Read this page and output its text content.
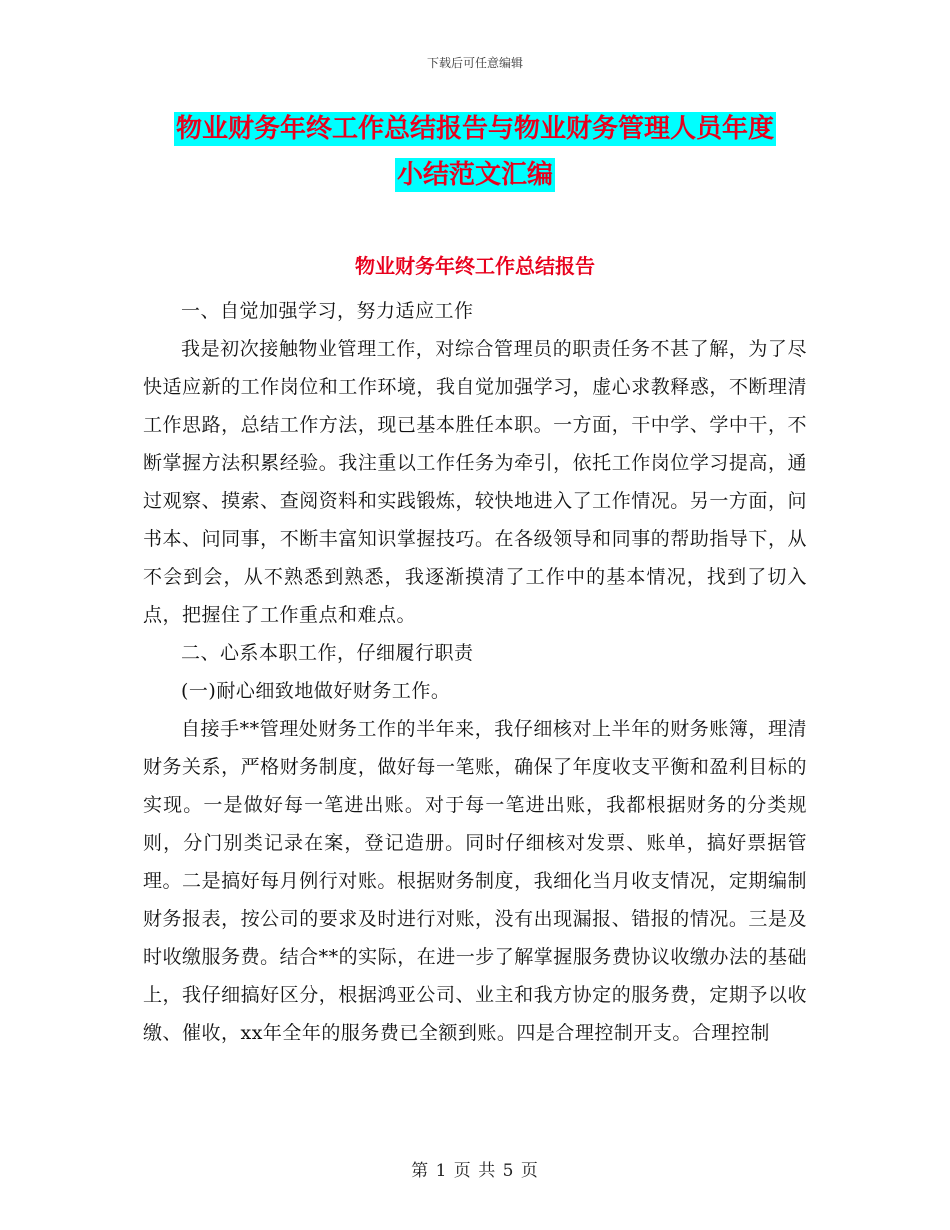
下载后可任意编辑
物业财务年终工作总结报告与物业财务管理人员年度
小结范文汇编
物业财务年终工作总结报告

一、自觉加强学习，努力适应工作

我是初次接触物业管理工作，对综合管理员的职责任务不甚了解，为了尽快适应新的工作岗位和工作环境，我自觉加强学习，虚心求教释惑，不断理清工作思路，总结工作方法，现已基本胜任本职。一方面，干中学、学中干，不断掌握方法积累经验。我注重以工作任务为牵引，依托工作岗位学习提高，通过观察、摸索、查阅资料和实践锻炼，较快地进入了工作情况。另一方面，问书本、问同事，不断丰富知识掌握技巧。在各级领导和同事的帮助指导下，从不会到会，从不熟悉到熟悉，我逐渐摸清了工作中的基本情况，找到了切入点，把握住了工作重点和难点。

二、心系本职工作，仔细履行职责

(一)耐心细致地做好财务工作。

自接手**管理处财务工作的半年来，我仔细核对上半年的财务账簿，理清财务关系，严格财务制度，做好每一笔账，确保了年度收支平衡和盈利目标的实现。一是做好每一笔进出账。对于每一笔进出账，我都根据财务的分类规则，分门别类记录在案，登记造册。同时仔细核对发票、账单，搞好票据管理。二是搞好每月例行对账。根据财务制度，我细化当月收支情况，定期编制财务报表，按公司的要求及时进行对账，没有出现漏报、错报的情况。三是及时收缴服务费。结合**的实际，在进一步了解掌握服务费协议收缴办法的基础上，我仔细搞好区分，根据鸿亚公司、业主和我方协定的服务费，定期予以收缴、催收，xx年全年的服务费已全额到账。四是合理控制开支。合理控制

第 1 页 共 5 页
